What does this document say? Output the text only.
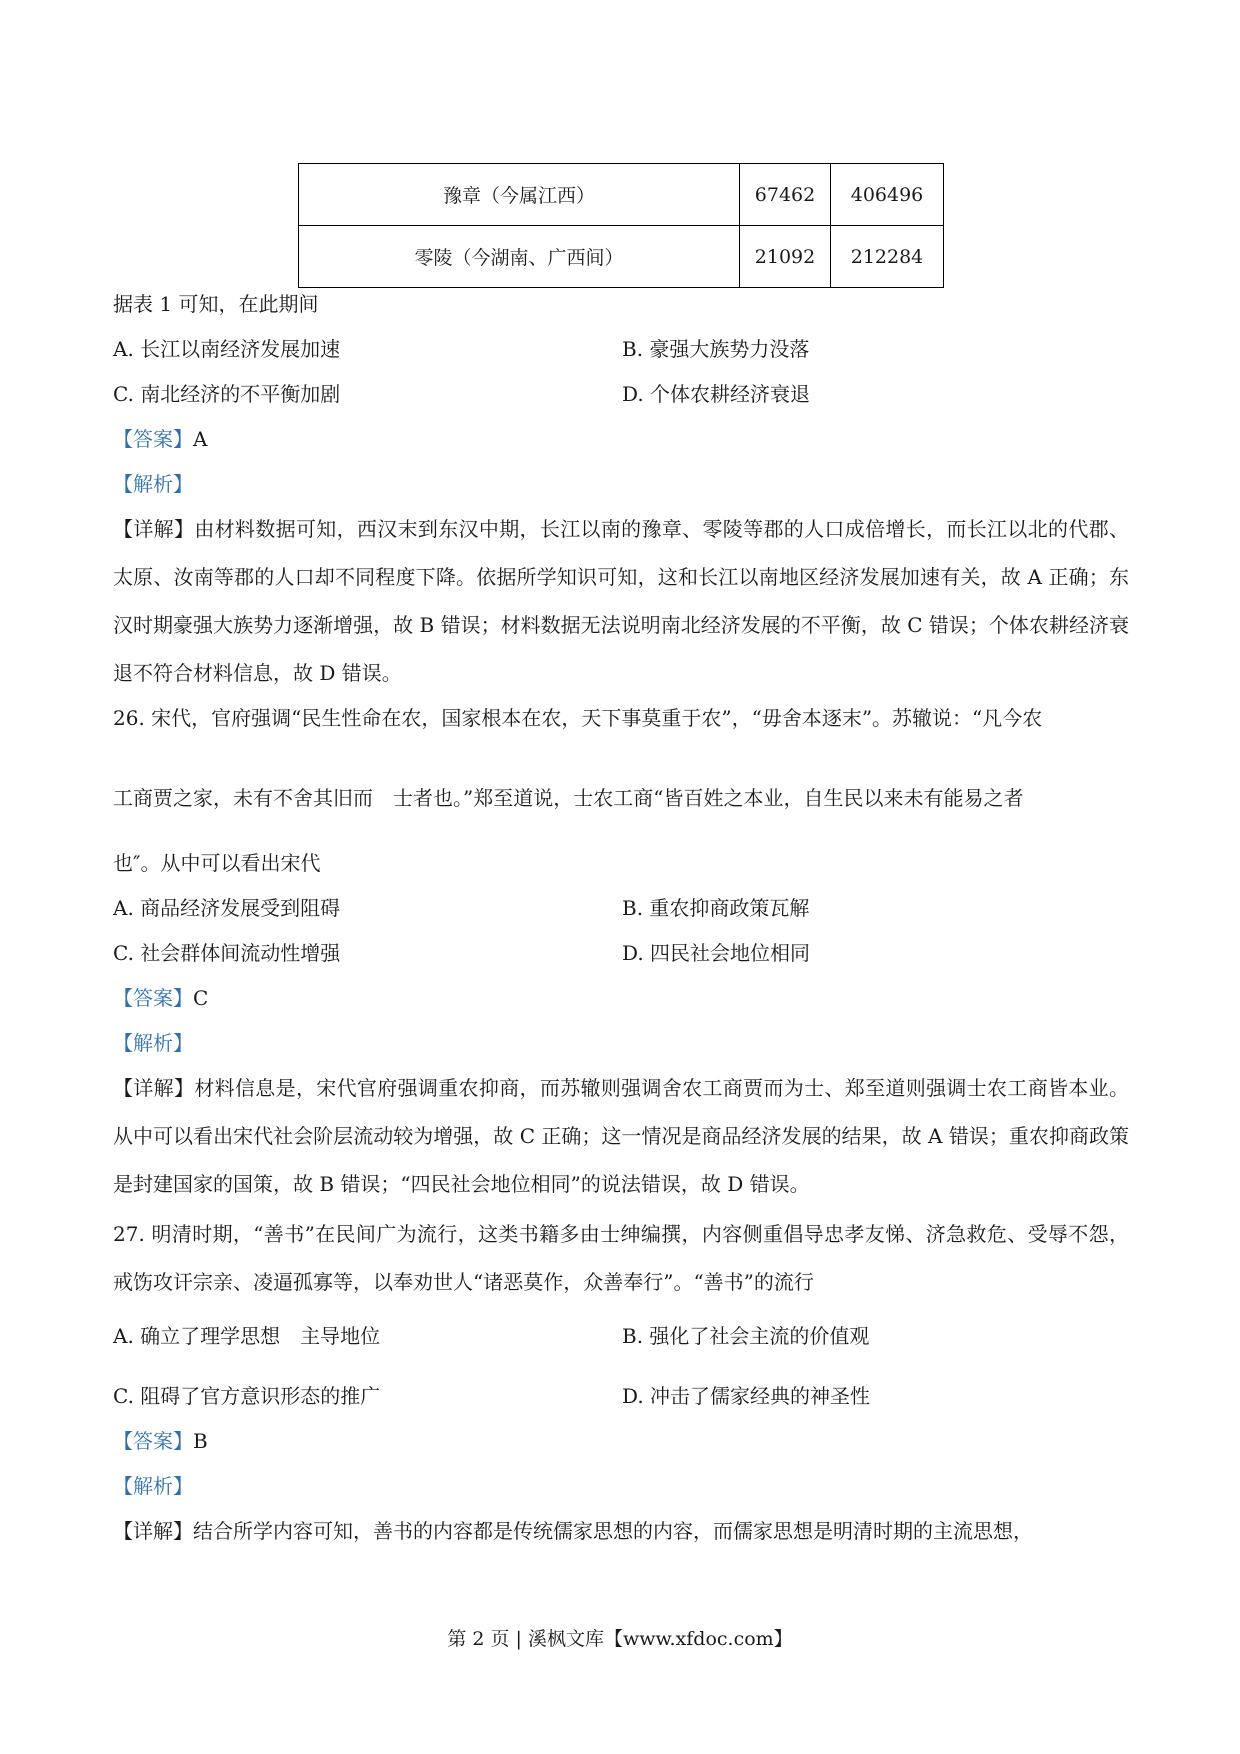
豫章（今属江西）	67462	406496
零陵（今湖南、广西间）	21092	212284
据表 1 可知，在此期间
A. 长江以南经济发展加速	B. 豪强大族势力没落
C. 南北经济的不平衡加剧	D. 个体农耕经济衰退
【答案】A
【解析】
【详解】由材料数据可知，西汉末到东汉中期，长江以南的豫章、零陵等郡的人口成倍增长，而长江以北的代郡、太原、汝南等郡的人口却不同程度下降。依据所学知识可知，这和长江以南地区经济发展加速有关，故 A 正确；东汉时期豪强大族势力逐渐增强，故 B 错误；材料数据无法说明南北经济发展的不平衡，故 C 错误；个体农耕经济衰退不符合材料信息，故 D 错误。
26. 宋代，官府强调“民生性命在农，国家根本在农，天下事莫重于农”，“毋舍本逐末”。苏辙说：“凡今农
工商贾之家，未有不舍其旧而　士者也。”郑至道说，士农工商“皆百姓之本业，自生民以来未有能易之者
也″。从中可以看出宋代
A. 商品经济发展受到阻碍	B. 重农抑商政策瓦解
C. 社会群体间流动性增强	D. 四民社会地位相同
【答案】C
【解析】
【详解】材料信息是，宋代官府强调重农抑商，而苏辙则强调舍农工商贾而为士、郑至道则强调士农工商皆本业。从中可以看出宋代社会阶层流动较为增强，故 C 正确；这一情况是商品经济发展的结果，故 A 错误；重农抑商政策是封建国家的国策，故 B 错误；“四民社会地位相同”的说法错误，故 D 错误。
27. 明清时期，“善书”在民间广为流行，这类书籍多由士绅编撰，内容侧重倡导忠孝友悌、济急救危、受辱不怨，戒饬攻讦宗亲、凌逼孤寡等，以奉劝世人“诸恶莫作，众善奉行”。“善书”的流行
A. 确立了理学思想　主导地位	B. 强化了社会主流的价值观
C. 阻碍了官方意识形态的推广	D. 冲击了儒家经典的神圣性
【答案】B
【解析】
【详解】结合所学内容可知，善书的内容都是传统儒家思想的内容，而儒家思想是明清时期的主流思想，
第 2 页 | 溪枫文库【www.xfdoc.com】
